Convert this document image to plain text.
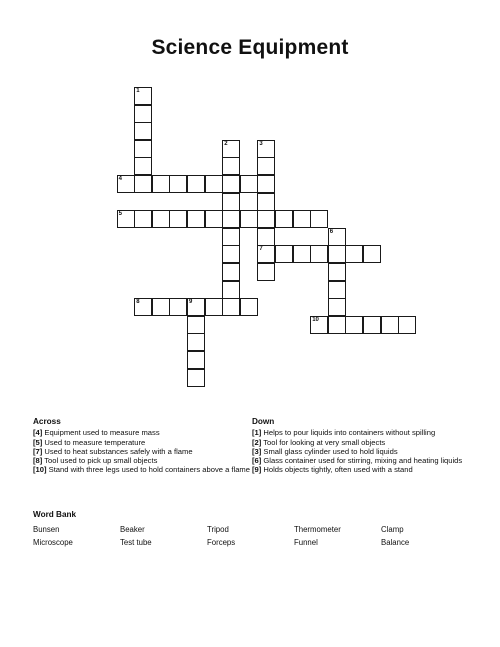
Science Equipment
1
2	3
7
4
5
6
8	9
10
Across
[4] Equipment used to measure mass
[5] Used to measure temperature
[7] Used to heat substances safely with a flame
[8] Tool used to pick up small objects
[10] Stand with three legs used to hold containers above a flame
Down
[1] Helps to pour liquids into containers without spilling
[2] Tool for looking at very small objects
[3] Small glass cylinder used to hold liquids
[6] Glass container used for stirring, mixing and heating liquids
[9] Holds objects tightly, often used with a stand
Word Bank
Bunsen	Beaker	Tripod	Thermometer	Clamp
Microscope	Test tube	Forceps	Funnel	Balance
